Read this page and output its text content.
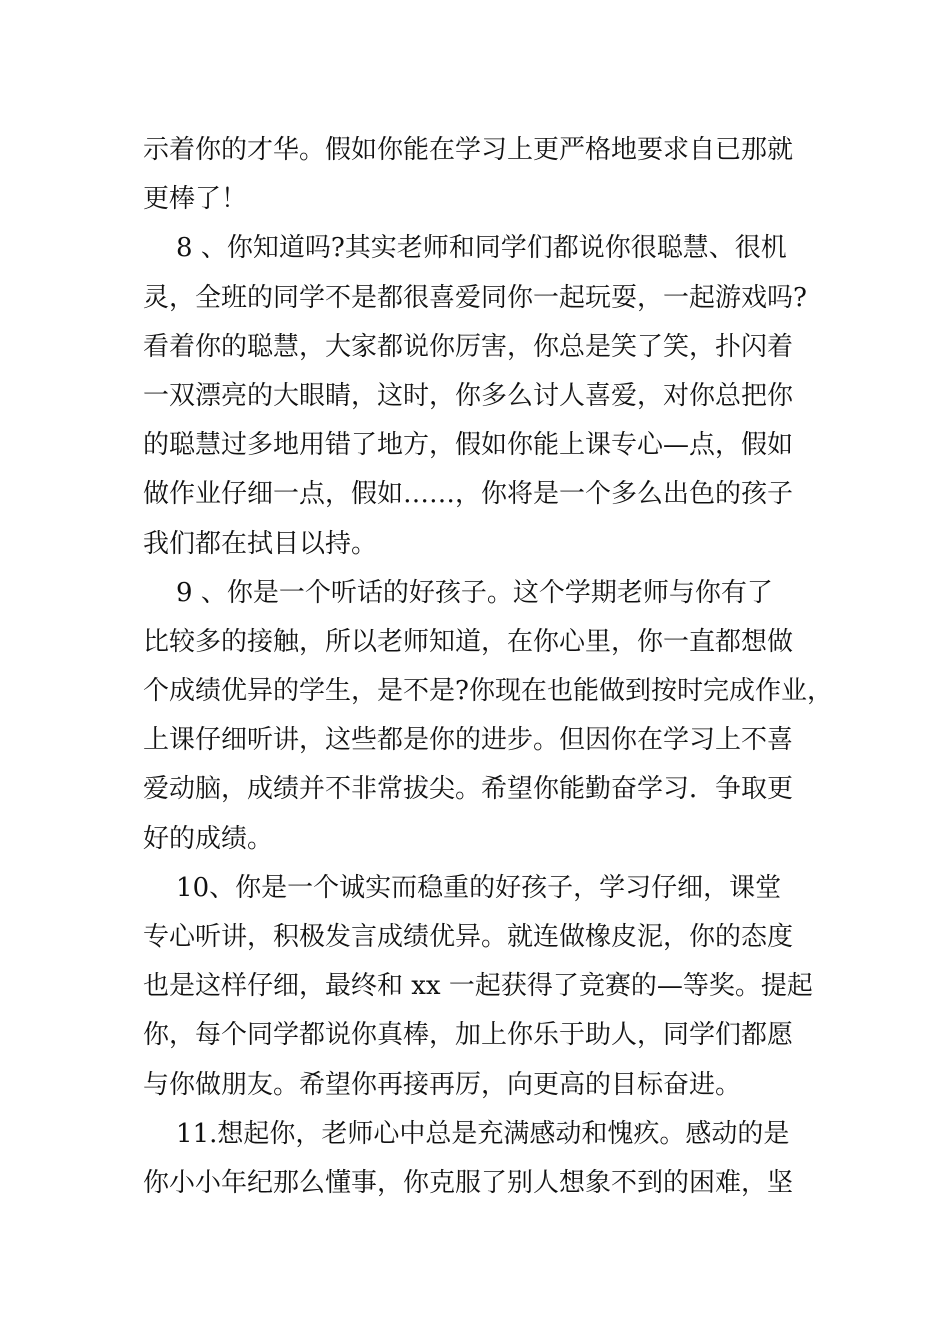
示着你的才华。假如你能在学习上更严格地要求自已那就
更棒了！
8 、你知道吗?其实老师和同学们都说你很聪慧、很机
灵，全班的同学不是都很喜爱同你一起玩耍，一起游戏吗?
看着你的聪慧，大家都说你厉害，你总是笑了笑，扑闪着
一双漂亮的大眼睛，这时，你多么讨人喜爱，对你总把你
的聪慧过多地用错了地方，假如你能上课专心—点，假如
做作业仔细一点，假如……，你将是一个多么出色的孩子
我们都在拭目以持。
9 、你是一个听话的好孩子。这个学期老师与你有了
比较多的接触，所以老师知道，在你心里，你一直都想做
个成绩优异的学生，是不是?你现在也能做到按时完成作业，
上课仔细听讲，这些都是你的进步。但因你在学习上不喜
爱动脑，成绩并不非常拔尖。希望你能勤奋学习．争取更
好的成绩。
10、你是一个诚实而稳重的好孩子，学习仔细，课堂
专心听讲，积极发言成绩优异。就连做橡皮泥，你的态度
也是这样仔细，最终和 xx 一起获得了竞赛的—等奖。提起
你，每个同学都说你真棒，加上你乐于助人，同学们都愿
与你做朋友。希望你再接再厉，向更高的目标奋进。
11.想起你，老师心中总是充满感动和愧疚。感动的是
你小小年纪那么懂事，你克服了别人想象不到的困难，坚
